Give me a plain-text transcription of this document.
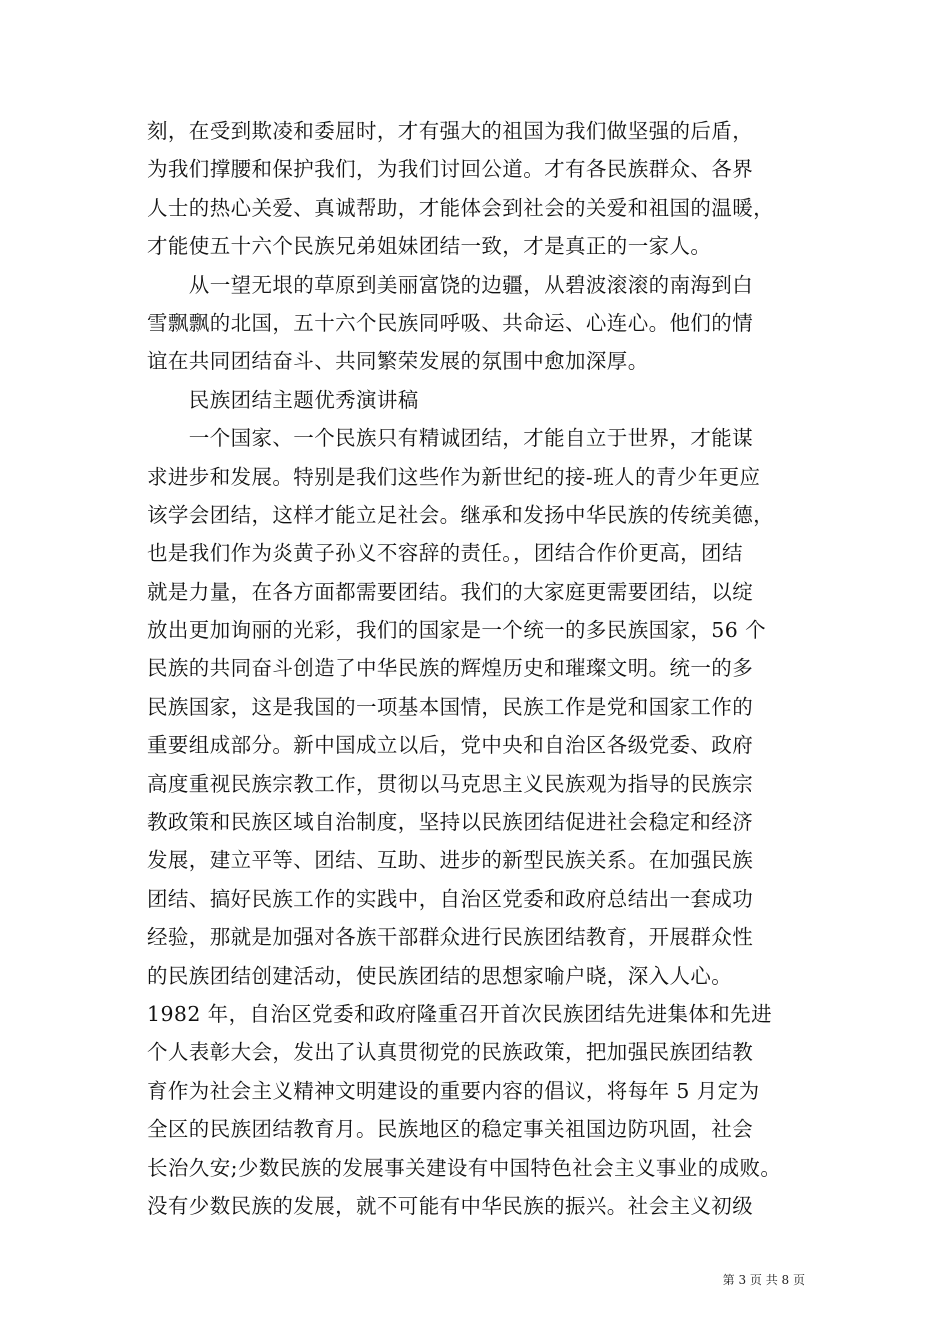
刻，在受到欺凌和委屈时，才有强大的祖国为我们做坚强的后盾，
为我们撑腰和保护我们，为我们讨回公道。才有各民族群众、各界
人士的热心关爱、真诚帮助，才能体会到社会的关爱和祖国的温暖，
才能使五十六个民族兄弟姐妹团结一致，才是真正的一家人。
　　从一望无垠的草原到美丽富饶的边疆，从碧波滚滚的南海到白
雪飘飘的北国，五十六个民族同呼吸、共命运、心连心。他们的情
谊在共同团结奋斗、共同繁荣发展的氛围中愈加深厚。
　　民族团结主题优秀演讲稿
　　一个国家、一个民族只有精诚团结，才能自立于世界，才能谋
求进步和发展。特别是我们这些作为新世纪的接-班人的青少年更应
该学会团结，这样才能立足社会。继承和发扬中华民族的传统美德，
也是我们作为炎黄子孙义不容辞的责任。，团结合作价更高，团结
就是力量，在各方面都需要团结。我们的大家庭更需要团结，以绽
放出更加询丽的光彩，我们的国家是一个统一的多民族国家，56 个
民族的共同奋斗创造了中华民族的辉煌历史和璀璨文明。统一的多
民族国家，这是我国的一项基本国情，民族工作是党和国家工作的
重要组成部分。新中国成立以后，党中央和自治区各级党委、政府
高度重视民族宗教工作，贯彻以马克思主义民族观为指导的民族宗
教政策和民族区域自治制度，坚持以民族团结促进社会稳定和经济
发展，建立平等、团结、互助、进步的新型民族关系。在加强民族
团结、搞好民族工作的实践中，自治区党委和政府总结出一套成功
经验，那就是加强对各族干部群众进行民族团结教育，开展群众性
的民族团结创建活动，使民族团结的思想家喻户晓，深入人心。
1982 年，自治区党委和政府隆重召开首次民族团结先进集体和先进
个人表彰大会，发出了认真贯彻党的民族政策，把加强民族团结教
育作为社会主义精神文明建设的重要内容的倡议，将每年 5 月定为
全区的民族团结教育月。民族地区的稳定事关祖国边防巩固，社会
长治久安;少数民族的发展事关建设有中国特色社会主义事业的成败。
没有少数民族的发展，就不可能有中华民族的振兴。社会主义初级
第 3 页 共 8 页
